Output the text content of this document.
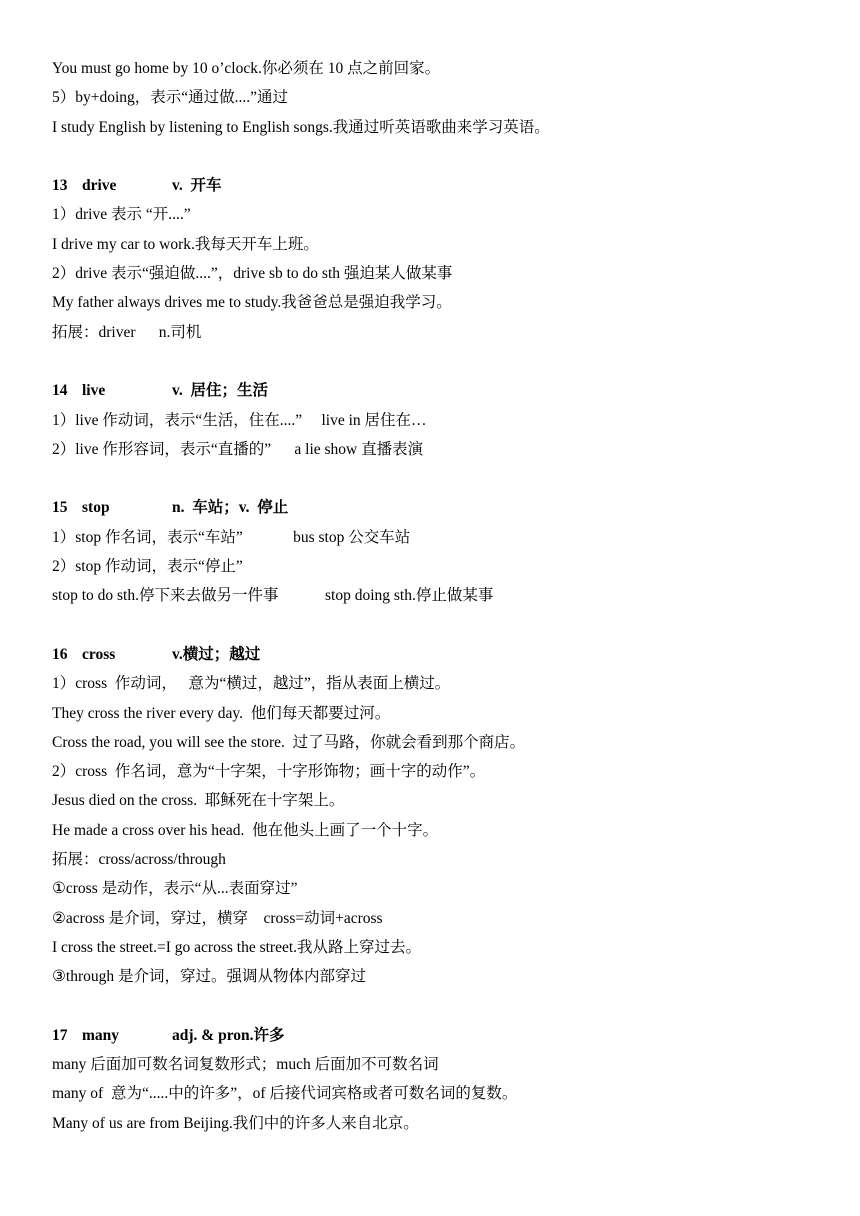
You must go home by 10 o’clock.你必须在 10 点之前回家。
5）by+doing，表示“通过做....”通过
I study English by listening to English songs.我通过听英语歌曲来学习英语。
13 drive	v.  开车
1）drive 表示 “开....”
I drive my car to work.我每天开车上班。
2）drive 表示“强迫做....”，drive sb to do sth 强迫某人做某事
My father always drives me to study.我爸爸总是强迫我学习。
拓展：driver      n.司机
14 live	v.  居住；生活
1）live 作动词，表示“生活，住在....”     live in 居住在…
2）live 作形容词，表示“直播的”      a lie show 直播表演
15 stop	n.  车站；v.  停止
1）stop 作名词，表示“车站”             bus stop 公交车站
2）stop 作动词，表示“停止”
stop to do sth.停下来去做另一件事            stop doing sth.停止做某事
16 cross	v.横过；越过
1）cross  作动词，   意为“横过，越过”，指从表面上横过。
They cross the river every day.  他们每天都要过河。
Cross the road, you will see the store.  过了马路，你就会看到那个商店。
2）cross  作名词，意为“十字架，十字形饰物；画十字的动作”。
Jesus died on the cross.  耶稣死在十字架上。
He made a cross over his head.  他在他头上画了一个十字。
拓展：cross/across/through
①cross 是动作，表示“从...表面穿过”
②across 是介词，穿过，横穿    cross=动词+across
I cross the street.=I go across the street.我从路上穿过去。
③through 是介词，穿过。强调从物体内部穿过
17 many	adj. & pron.许多
many 后面加可数名词复数形式；much 后面加不可数名词
many of  意为“.....中的许多”，of 后接代词宾格或者可数名词的复数。
Many of us are from Beijing.我们中的许多人来自北京。
